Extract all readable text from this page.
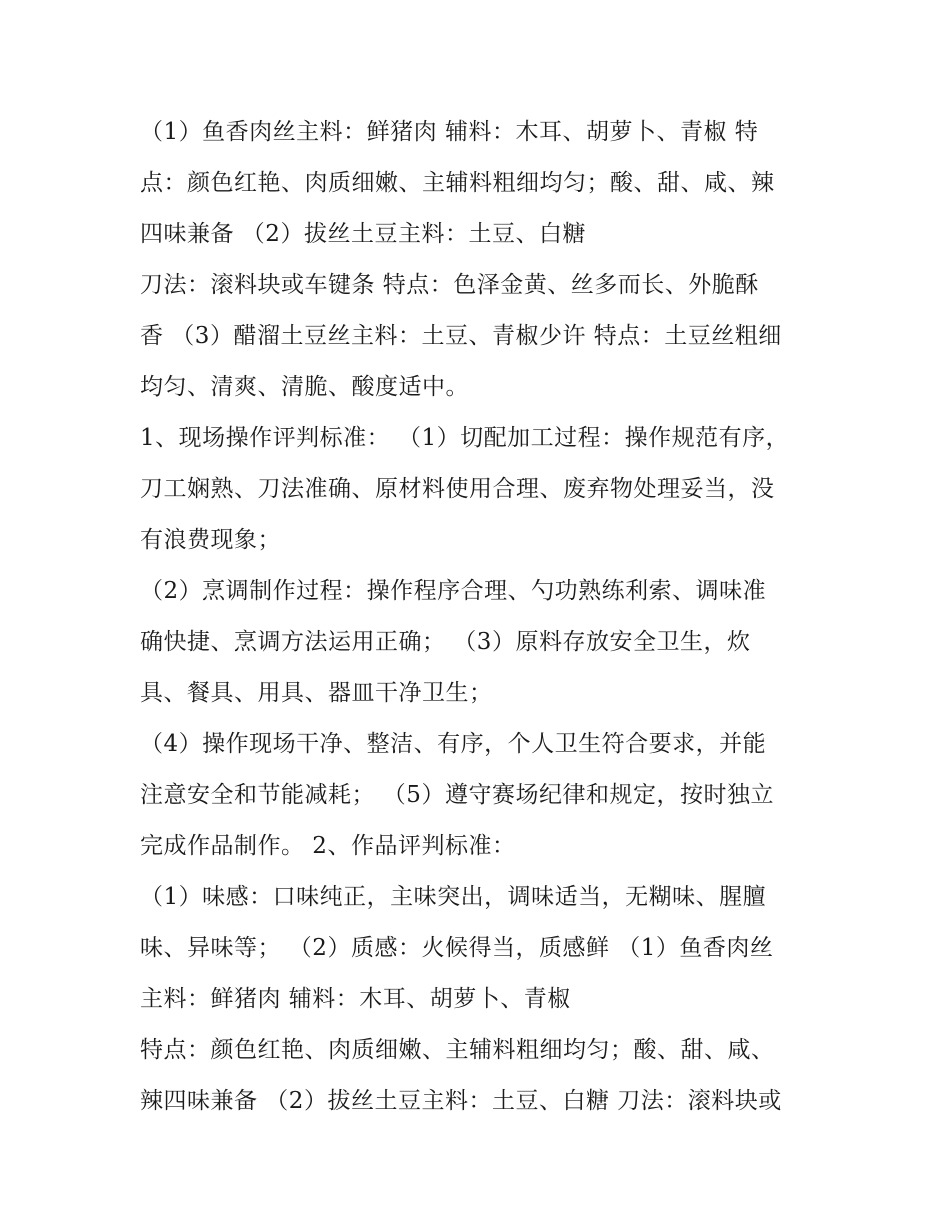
（1）鱼香肉丝主料：鲜猪肉 辅料：木耳、胡萝卜、青椒 特
点：颜色红艳、肉质细嫩、主辅料粗细均匀；酸、甜、咸、辣
四味兼备 （2）拔丝土豆主料：土豆、白糖
刀法：滚料块或车键条 特点：色泽金黄、丝多而长、外脆酥
香 （3）醋溜土豆丝主料：土豆、青椒少许 特点：土豆丝粗细
均匀、清爽、清脆、酸度适中。
1、现场操作评判标准： （1）切配加工过程：操作规范有序，
刀工娴熟、刀法准确、原材料使用合理、废弃物处理妥当，没
有浪费现象；
（2）烹调制作过程：操作程序合理、勺功熟练利索、调味准
确快捷、烹调方法运用正确； （3）原料存放安全卫生，炊
具、餐具、用具、器皿干净卫生；
（4）操作现场干净、整洁、有序，个人卫生符合要求，并能
注意安全和节能减耗； （5）遵守赛场纪律和规定，按时独立
完成作品制作。 2、作品评判标准：
（1）味感：口味纯正，主味突出，调味适当，无糊味、腥膻
味、异味等； （2）质感：火候得当，质感鲜 （1）鱼香肉丝
主料：鲜猪肉 辅料：木耳、胡萝卜、青椒
特点：颜色红艳、肉质细嫩、主辅料粗细均匀；酸、甜、咸、
辣四味兼备 （2）拔丝土豆主料：土豆、白糖 刀法：滚料块或
